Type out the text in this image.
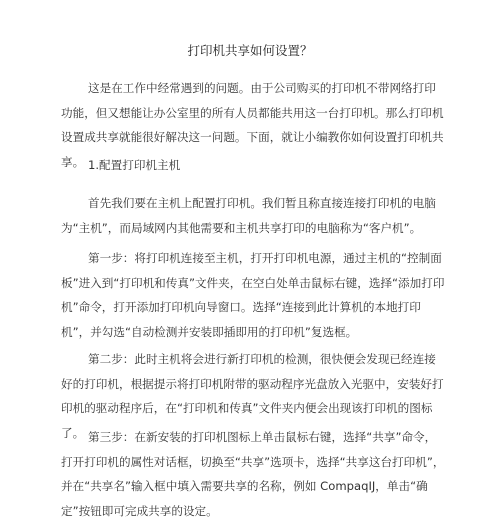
打印机共享如何设置？

这是在工作中经常遇到的问题。由于公司购买的打印机不带网络打印功能，但又想能让办公室里的所有人员都能共用这一台打印机。那么打印机设置成共享就能很好解决这一问题。下面，就让小编教你如何设置打印机共享。 1.配置打印机主机

首先我们要在主机上配置打印机。我们暂且称直接连接打印机的电脑为“主机”，而局域网内其他需要和主机共享打印的电脑称为“客户机”。

第一步：将打印机连接至主机，打开打印机电源，通过主机的“控制面板”进入到“打印机和传真”文件夹，在空白处单击鼠标右键，选择“添加打印机”命令，打开添加打印机向导窗口。选择“连接到此计算机的本地打印机”，并勾选“自动检测并安装即插即用的打印机”复选框。

第二步：此时主机将会进行新打印机的检测，很快便会发现已经连接好的打印机，根据提示将打印机附带的驱动程序光盘放入光驱中，安装好打印机的驱动程序后，在“打印机和传真”文件夹内便会出现该打印机的图标了。 第三步：在新安装的打印机图标上单击鼠标右键，选择“共享”命令，打开打印机的属性对话框，切换至“共享”选项卡，选择“共享这台打印机”，并在“共享名”输入框中填入需要共享的名称，例如 CompaqIJ，单击“确定”按钮即可完成共享的设定。
